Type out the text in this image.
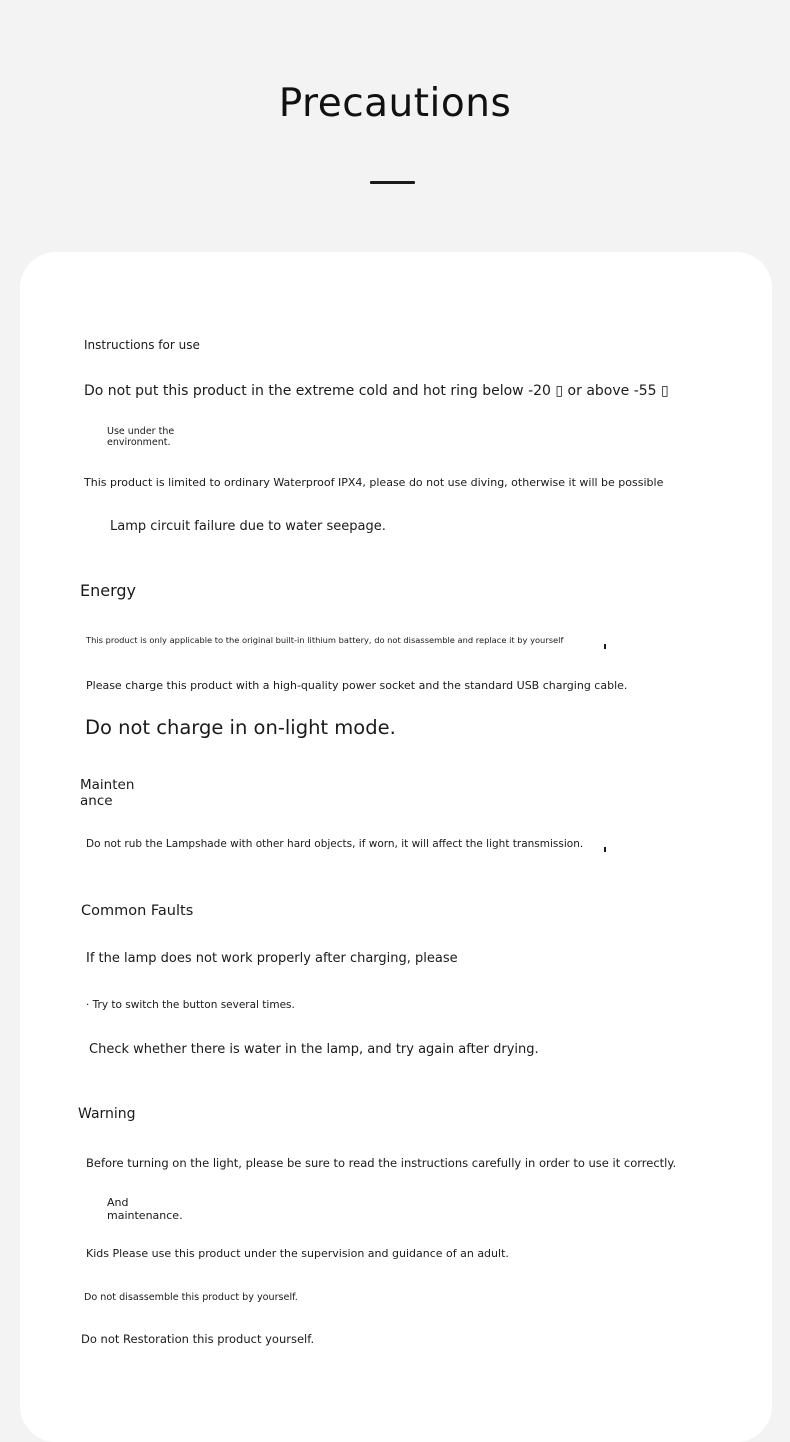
Precautions
Instructions for use
Do not put this product in the extreme cold and hot ring below -20 ▯ or above -55 ▯
Use under the environment.
This product is limited to ordinary Waterproof IPX4, please do not use diving, otherwise it will be possible
Lamp circuit failure due to water seepage.
Energy
This product is only applicable to the original built-in lithium battery, do not disassemble and replace it by yourself
Please charge this product with a high-quality power socket and the standard USB charging cable.
Do not charge in on-light mode.
Mainten ance
Do not rub the Lampshade with other hard objects, if worn, it will affect the light transmission.
Common Faults
If the lamp does not work properly after charging, please
· Try to switch the button several times.
Check whether there is water in the lamp, and try again after drying.
Warning
Before turning on the light, please be sure to read the instructions carefully in order to use it correctly.
And maintenance.
Kids Please use this product under the supervision and guidance of an adult.
Do not disassemble this product by yourself.
Do not Restoration this product yourself.
